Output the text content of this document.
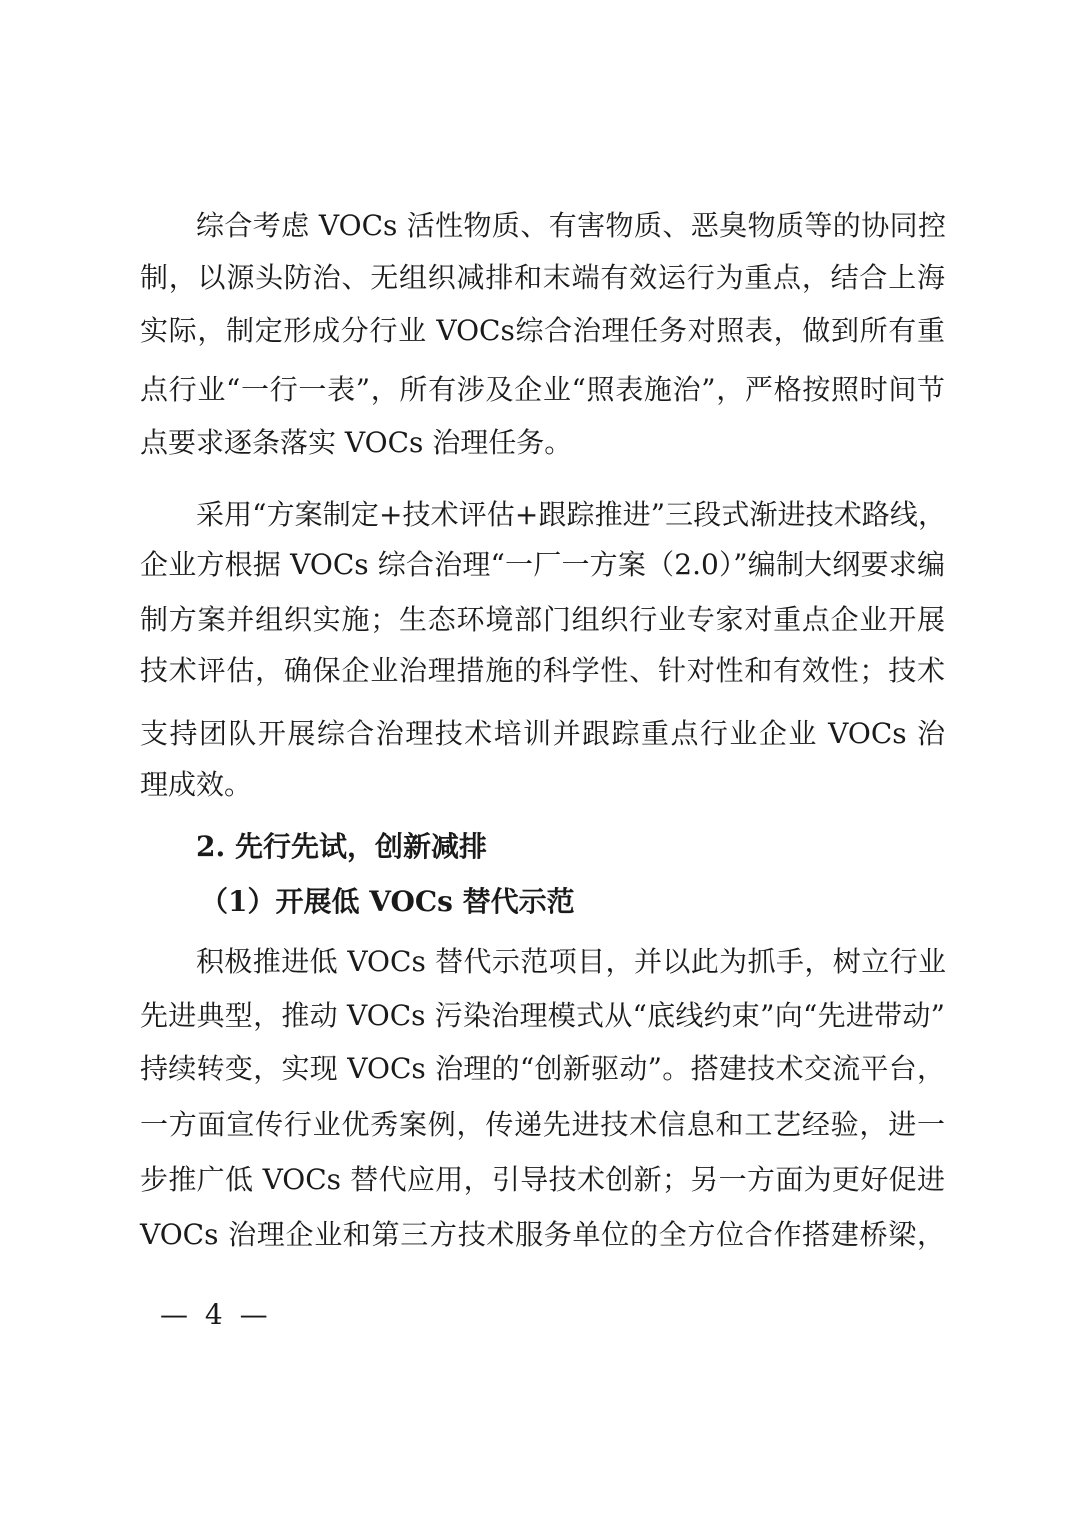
综合考虑 VOCs 活性物质、有害物质、恶臭物质等的协同控
制，以源头防治、无组织减排和末端有效运行为重点，结合上海
实际，制定形成分行业 VOCs综合治理任务对照表，做到所有重
点行业“一行一表”，所有涉及企业“照表施治”，严格按照时间节
点要求逐条落实 VOCs 治理任务。
采用“方案制定+技术评估+跟踪推进”三段式渐进技术路线，
企业方根据 VOCs 综合治理“一厂一方案（2.0）”编制大纲要求编
制方案并组织实施；生态环境部门组织行业专家对重点企业开展
技术评估，确保企业治理措施的科学性、针对性和有效性；技术
支持团队开展综合治理技术培训并跟踪重点行业企业 VOCs 治
理成效。
2. 先行先试，创新减排
（1）开展低 VOCs 替代示范
积极推进低 VOCs 替代示范项目，并以此为抓手，树立行业
先进典型，推动 VOCs 污染治理模式从“底线约束”向“先进带动”
持续转变，实现 VOCs 治理的“创新驱动”。搭建技术交流平台，
一方面宣传行业优秀案例，传递先进技术信息和工艺经验，进一
步推广低 VOCs 替代应用，引导技术创新；另一方面为更好促进
VOCs 治理企业和第三方技术服务单位的全方位合作搭建桥梁，
— 4 —
